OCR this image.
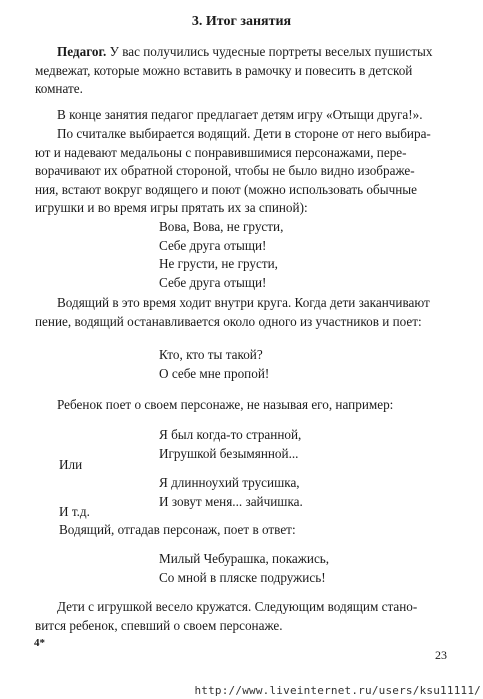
3. Итог занятия

Педагог. У вас получились чудесные портреты веселых пушистых
медвежат, которые можно вставить в рамочку и повесить в детской
комнате.

В конце занятия педагог предлагает детям игру «Отыщи друга!».

По считалке выбирается водящий. Дети в стороне от него выбира-
ют и надевают медальоны с понравившимися персонажами, пере-
ворачивают их обратной стороной, чтобы не было видно изображе-
ния, встают вокруг водящего и поют (можно использовать обычные
игрушки и во время игры прятать их за спиной):

Вова, Вова, не грусти,
Себе друга отыщи!
Не грусти, не грусти,
Себе друга отыщи!

Водящий в это время ходит внутри круга. Когда дети заканчивают
пение, водящий останавливается около одного из участников и поет:

Кто, кто ты такой?
О себе мне пропой!

Ребенок поет о своем персонаже, не называя его, например:

Я был когда-то странной,
Игрушкой безымянной...
Или
Я длинноухий трусишка,
И зовут меня... зайчишка.
И т.д.
Водящий, отгадав персонаж, поет в ответ:
Милый Чебурашка, покажись,
Со мной в пляске подружись!

Дети с игрушкой весело кружатся. Следующим водящим стано-
вится ребенок, спевший о своем персонаже.

4*
23
http://www.liveinternet.ru/users/ksu11111/
